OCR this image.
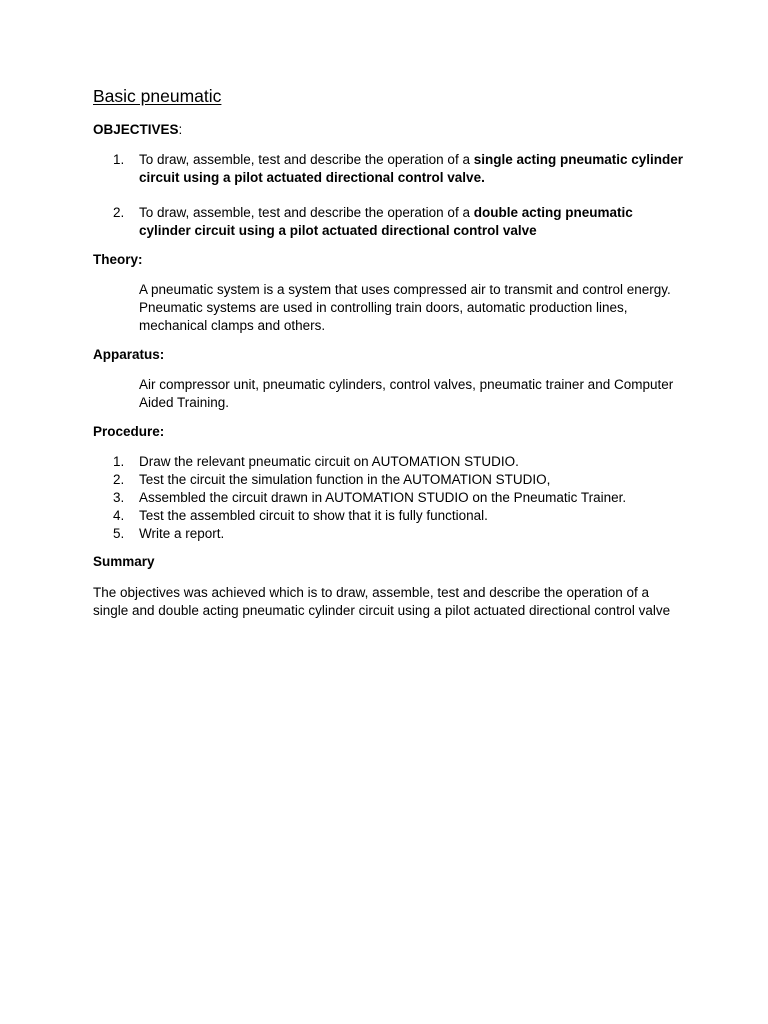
Basic pneumatic
OBJECTIVES:
1. To draw, assemble, test and describe the operation of a single acting pneumatic cylinder circuit using a pilot actuated directional control valve.
2. To draw, assemble, test and describe the operation of a double acting pneumatic cylinder circuit using a pilot actuated directional control valve
Theory:
A pneumatic system is a system that uses compressed air to transmit and control energy. Pneumatic systems are used in controlling train doors, automatic production lines, mechanical clamps and others.
Apparatus:
Air compressor unit, pneumatic cylinders, control valves, pneumatic trainer and Computer Aided Training.
Procedure:
1. Draw the relevant pneumatic circuit on AUTOMATION STUDIO.
2. Test the circuit the simulation function in the AUTOMATION STUDIO,
3. Assembled the circuit drawn in AUTOMATION STUDIO on the Pneumatic Trainer.
4. Test the assembled circuit to show that it is fully functional.
5. Write a report.
Summary
The objectives was achieved which is to draw, assemble, test and describe the operation of a single and double acting pneumatic cylinder circuit using a pilot actuated directional control valve
